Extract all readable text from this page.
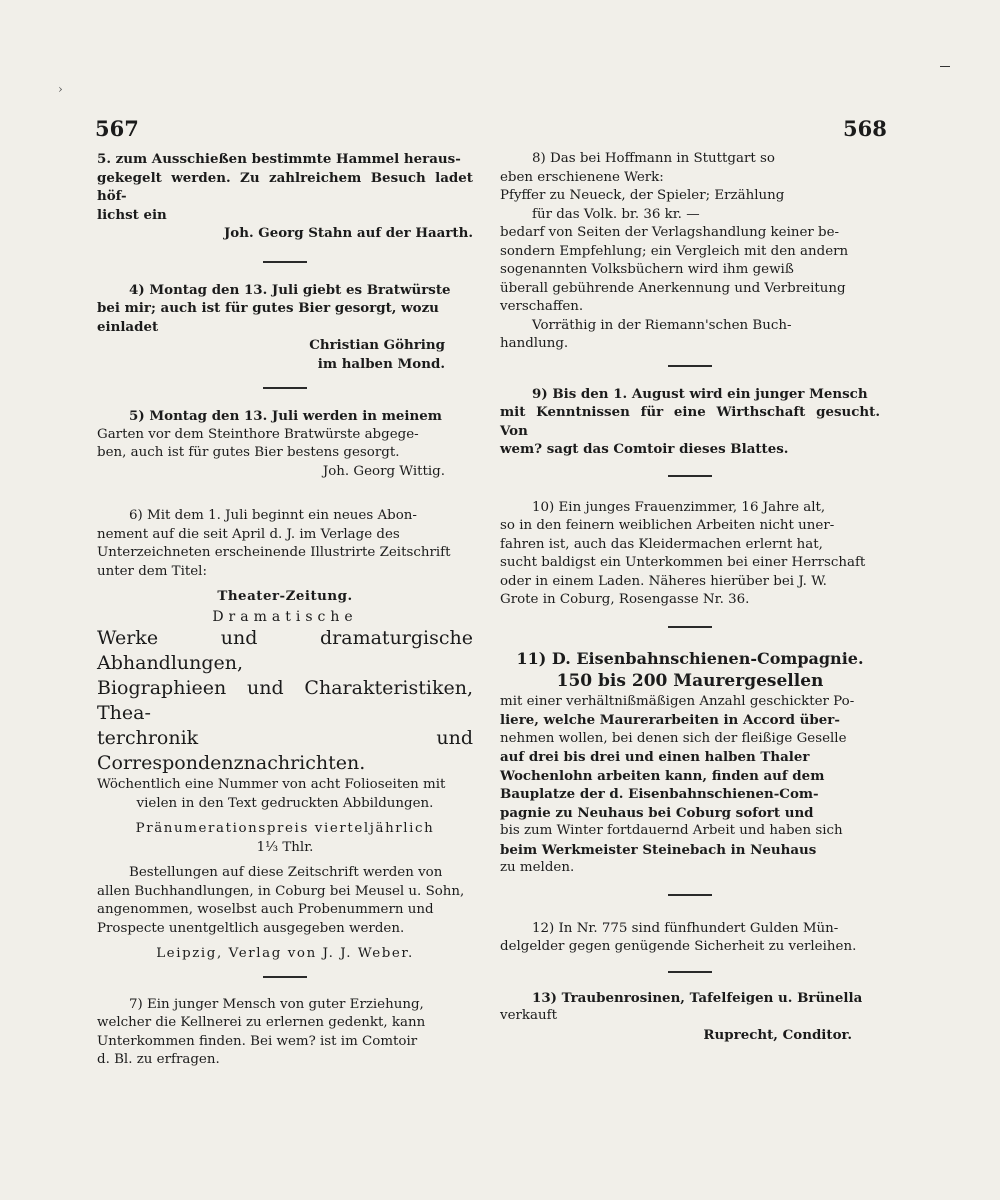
›
567	568

5. zum Ausschießen bestimmte Hammel heraus-

gekegelt werden. Zu zahlreichem Besuch ladet höf-

lichst ein

Joh. Georg Stahn auf der Haarth.

4) Montag den 13. Juli giebt es Bratwürste

bei mir; auch ist für gutes Bier gesorgt, wozu

einladet

Christian Göhring

im halben Mond.

5) Montag den 13. Juli werden in meinem

Garten vor dem Steinthore Bratwürste abgege-

ben, auch ist für gutes Bier bestens gesorgt.

Joh. Georg Wittig.

6) Mit dem 1. Juli beginnt ein neues Abon-

nement auf die seit April d. J. im Verlage des

Unterzeichneten erscheinende Illustrirte Zeitschrift

unter dem Titel:

Theater-Zeitung.

Dramatische

Werke und dramaturgische Abhandlungen,

Biographieen und Charakteristiken, Thea-

terchronik und Correspondenznachrichten.

Wöchentlich eine Nummer von acht Folioseiten mit

vielen in den Text gedruckten Abbildungen.

Pränumerationspreis vierteljährlich

1⅓ Thlr.

Bestellungen auf diese Zeitschrift werden von

allen Buchhandlungen, in Coburg bei Meusel u. Sohn,

angenommen, woselbst auch Probenummern und

Prospecte unentgeltlich ausgegeben werden.

Leipzig, Verlag von J. J. Weber.

7) Ein junger Mensch von guter Erziehung,

welcher die Kellnerei zu erlernen gedenkt, kann

Unterkommen finden. Bei wem? ist im Comtoir

d. Bl. zu erfragen.

8) Das bei Hoffmann in Stuttgart so

eben erschienene Werk:

Pfyffer zu Neueck, der Spieler; Erzählung

für das Volk. br. 36 kr. —

bedarf von Seiten der Verlagshandlung keiner be-

sondern Empfehlung; ein Vergleich mit den andern

sogenannten Volksbüchern wird ihm gewiß

überall gebührende Anerkennung und Verbreitung

verschaffen.

Vorräthig in der Riemann'schen Buch-

handlung.

9) Bis den 1. August wird ein junger Mensch

mit Kenntnissen für eine Wirthschaft gesucht. Von

wem? sagt das Comtoir dieses Blattes.

10) Ein junges Frauenzimmer, 16 Jahre alt,

so in den feinern weiblichen Arbeiten nicht uner-

fahren ist, auch das Kleidermachen erlernt hat,

sucht baldigst ein Unterkommen bei einer Herrschaft

oder in einem Laden. Näheres hierüber bei J. W.

Grote in Coburg, Rosengasse Nr. 36.

11) D. Eisenbahnschienen-Compagnie.

150 bis 200 Maurergesellen

mit einer verhältnißmäßigen Anzahl geschickter Po-

liere, welche Maurerarbeiten in Accord über-

nehmen wollen, bei denen sich der fleißige Geselle

auf drei bis drei und einen halben Thaler

Wochenlohn arbeiten kann, finden auf dem

Bauplatze der d. Eisenbahnschienen-Com-

pagnie zu Neuhaus bei Coburg sofort und

bis zum Winter fortdauernd Arbeit und haben sich

beim Werkmeister Steinebach in Neuhaus

zu melden.

12) In Nr. 775 sind fünfhundert Gulden Mün-

delgelder gegen genügende Sicherheit zu verleihen.

13) Traubenrosinen, Tafelfeigen u. Brünella

verkauft

Ruprecht, Conditor.
